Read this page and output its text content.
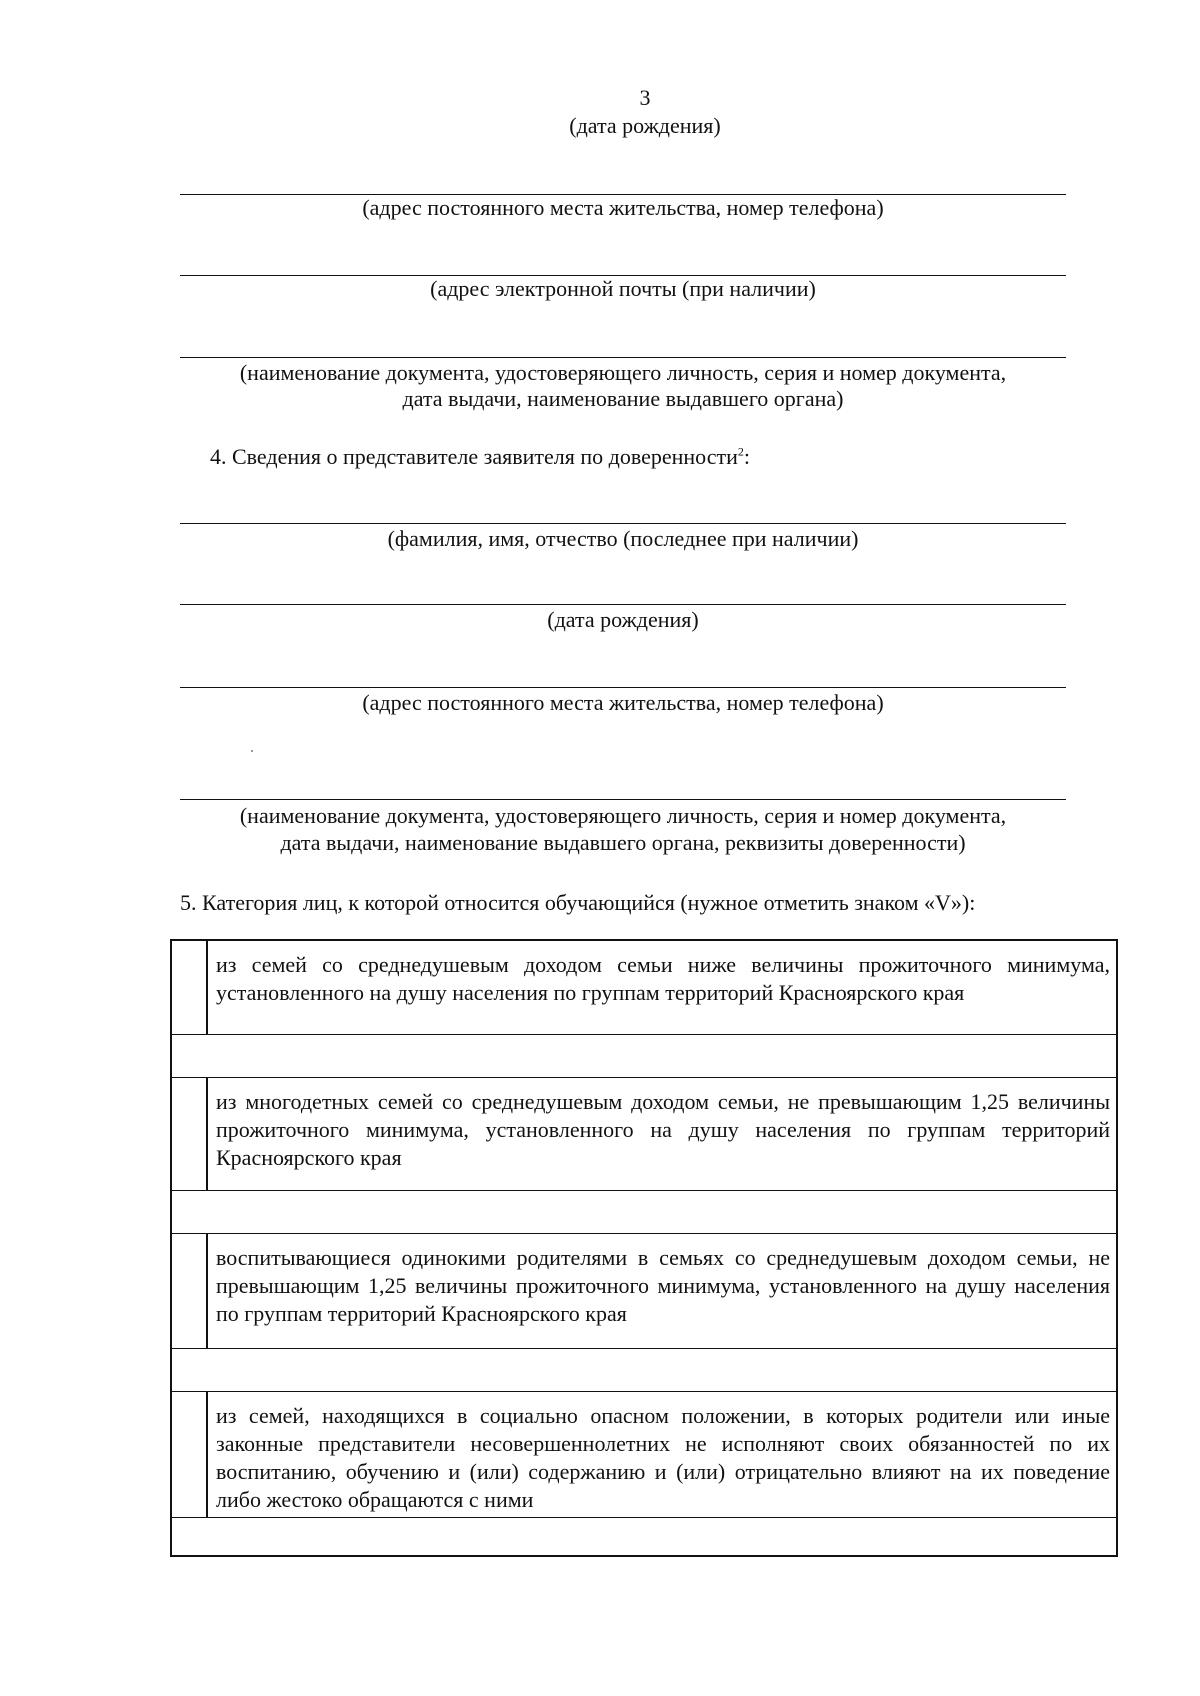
3
(дата рождения)
(адрес постоянного места жительства, номер телефона)
(адрес электронной почты (при наличии)
(наименование документа, удостоверяющего личность, серия и номер документа,
дата выдачи, наименование выдавшего органа)
4. Сведения о представителе заявителя по доверенности$^2$:
(фамилия, имя, отчество (последнее при наличии)
(дата рождения)
(адрес постоянного места жительства, номер телефона)
(наименование документа, удостоверяющего личность, серия и номер документа,
дата выдачи, наименование выдавшего органа, реквизиты доверенности)
5. Категория лиц, к которой относится обучающийся (нужное отметить знаком «V»):
из семей со среднедушевым доходом семьи ниже величины прожиточного минимума, установленного на душу населения по группам территорий Красноярского края
из многодетных семей со среднедушевым доходом семьи, не превышающим 1,25 величины прожиточного минимума, установленного на душу населения по группам территорий Красноярского края
воспитывающиеся одинокими родителями в семьях со среднедушевым доходом семьи, не превышающим 1,25 величины прожиточного минимума, установленного на душу населения по группам территорий Красноярского края
из семей, находящихся в социально опасном положении, в которых родители или иные законные представители несовершеннолетних не исполняют своих обязанностей по их воспитанию, обучению и (или) содержанию и (или) отрицательно влияют на их поведение либо жестоко обращаются с ними
